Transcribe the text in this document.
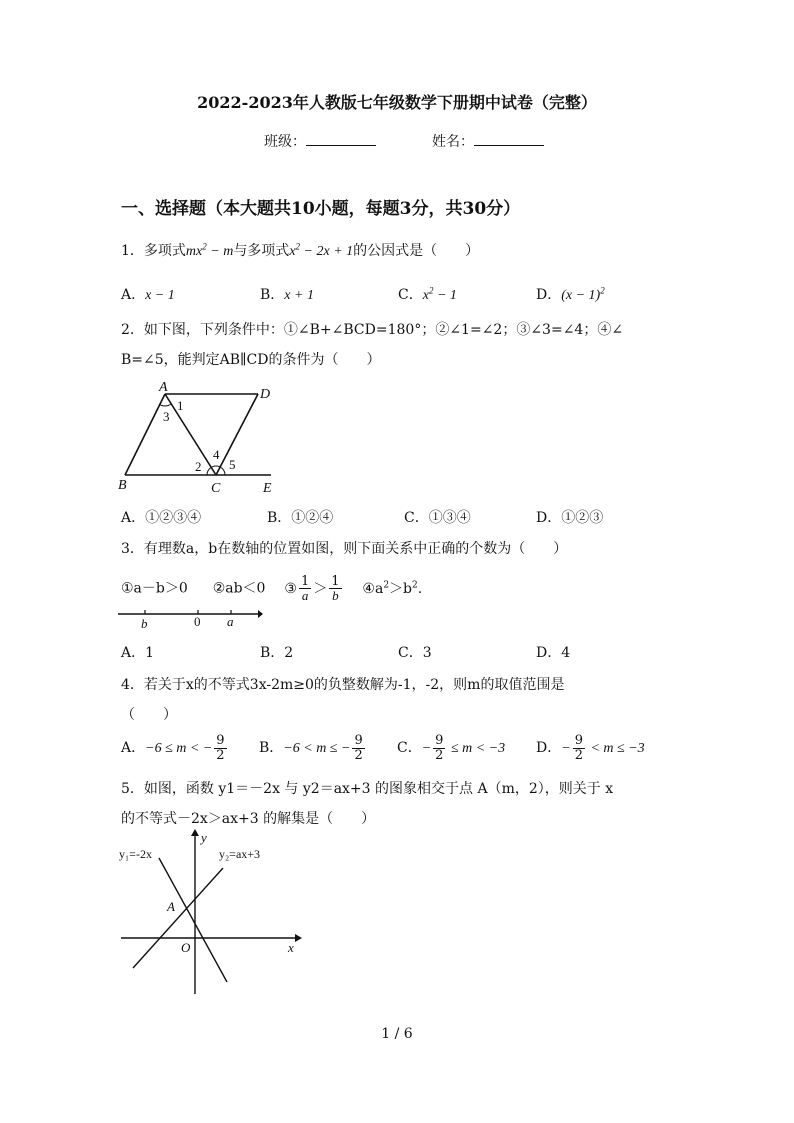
2022-2023年人教版七年级数学下册期中试卷（完整）
班级：	姓名：
一、选择题（本大题共10小题，每题3分，共30分）
1．多项式$mx^2 - m$与多项式$x^2 - 2x + 1$的公因式是（　　）
A．x − 1	B．x + 1	C．$x^2 - 1$	D．$(x - 1)^2$
2．如下图，下列条件中：①∠B+∠BCD=180°；②∠1=∠2；③∠3=∠4；④∠
B=∠5，能判定AB∥CD的条件为（　　）
A	D
B	C	E
1
3
2
4
5
A．①②③④	B．①②④	C．①③④	D．①②③
3．有理数a，b在数轴的位置如图，则下面关系中正确的个数为（　　）
①a－b＞0 ②ab＜0 ③ $\frac{1}{a} > \frac{1}{b}$ $④a^2>b^2$.
b	0 a
A．1	B．2	C．3	D．4
4．若关于x的不等式3x-2m≥0的负整数解为-1，-2，则m的取值范围是
（　　）
A．−6 ≤ m < − $\frac{9}{2}$ B．−6 < m ≤ − $\frac{9}{2}$ C．− $\frac{9}{2} \le m < -3$ D．− $\frac{9}{2} < m \le -3$
5．如图，函数 y1＝－2x 与 y2＝ax+3 的图象相交于点 A（m，2），则关于 x
的不等式－2x＞ax+3 的解集是（　　）
y₁=-2x	y₂=ax+3
A
O	x
y
1 / 6
